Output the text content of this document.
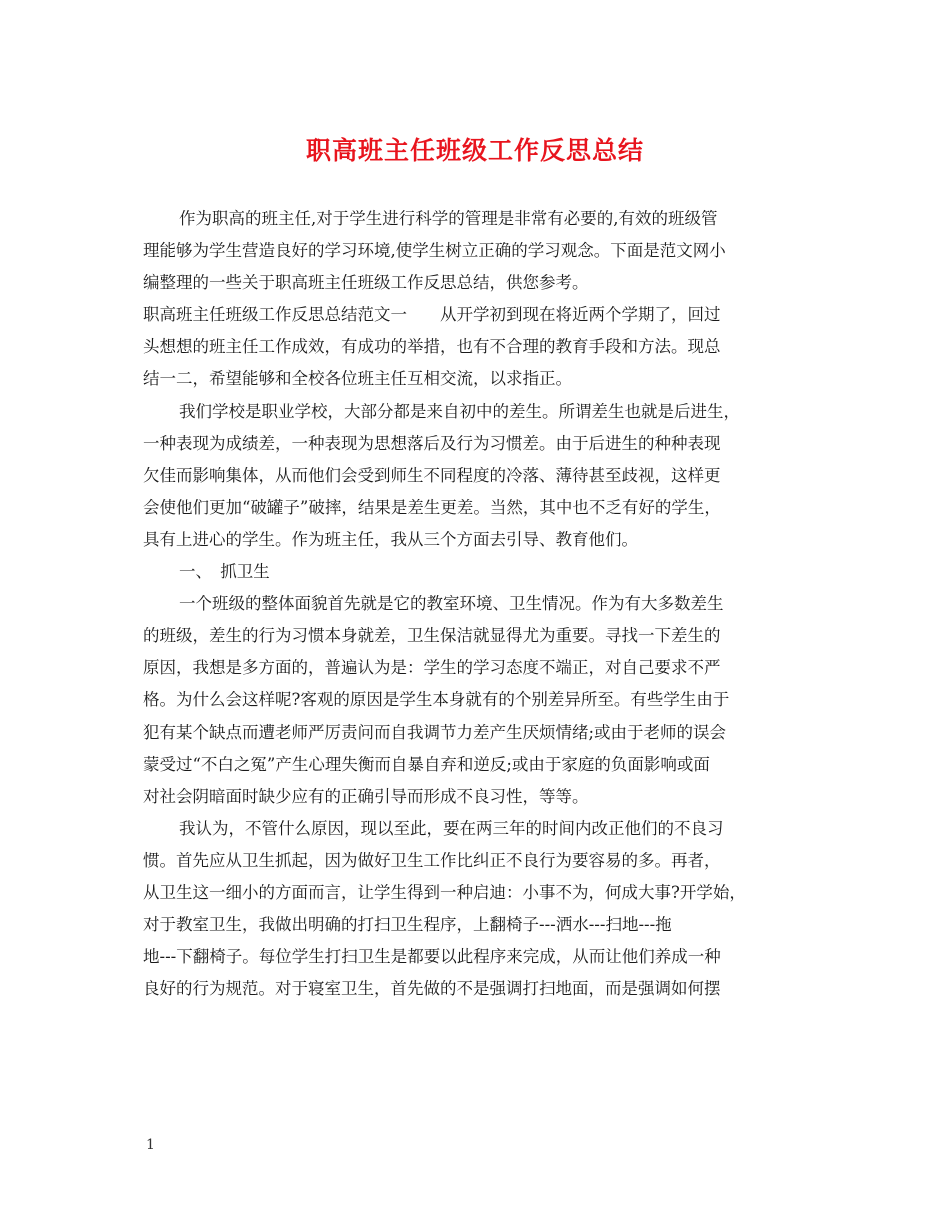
职高班主任班级工作反思总结
作为职高的班主任,对于学生进行科学的管理是非常有必要的,有效的班级管
理能够为学生营造良好的学习环境,使学生树立正确的学习观念。下面是范文网小
编整理的一些关于职高班主任班级工作反思总结，供您参考。
职高班主任班级工作反思总结范文一　　从开学初到现在将近两个学期了，回过
头想想的班主任工作成效，有成功的举措，也有不合理的教育手段和方法。现总
结一二，希望能够和全校各位班主任互相交流，以求指正。
我们学校是职业学校，大部分都是来自初中的差生。所谓差生也就是后进生，
一种表现为成绩差，一种表现为思想落后及行为习惯差。由于后进生的种种表现
欠佳而影响集体，从而他们会受到师生不同程度的冷落、薄待甚至歧视，这样更
会使他们更加“破罐子”破摔，结果是差生更差。当然，其中也不乏有好的学生，
具有上进心的学生。作为班主任，我从三个方面去引导、教育他们。
一、　抓卫生
一个班级的整体面貌首先就是它的教室环境、卫生情况。作为有大多数差生
的班级，差生的行为习惯本身就差，卫生保洁就显得尤为重要。寻找一下差生的
原因，我想是多方面的，普遍认为是：学生的学习态度不端正，对自己要求不严
格。为什么会这样呢?客观的原因是学生本身就有的个别差异所至。有些学生由于
犯有某个缺点而遭老师严厉责问而自我调节力差产生厌烦情绪;或由于老师的误会
蒙受过“不白之冤”产生心理失衡而自暴自弃和逆反;或由于家庭的负面影响或面
对社会阴暗面时缺少应有的正确引导而形成不良习性，等等。
我认为，不管什么原因，现以至此，要在两三年的时间内改正他们的不良习
惯。首先应从卫生抓起，因为做好卫生工作比纠正不良行为要容易的多。再者，
从卫生这一细小的方面而言，让学生得到一种启迪：小事不为，何成大事?开学始，
对于教室卫生，我做出明确的打扫卫生程序，上翻椅子---洒水---扫地---拖
地---下翻椅子。每位学生打扫卫生是都要以此程序来完成，从而让他们养成一种
良好的行为规范。对于寝室卫生，首先做的不是强调打扫地面，而是强调如何摆
1
